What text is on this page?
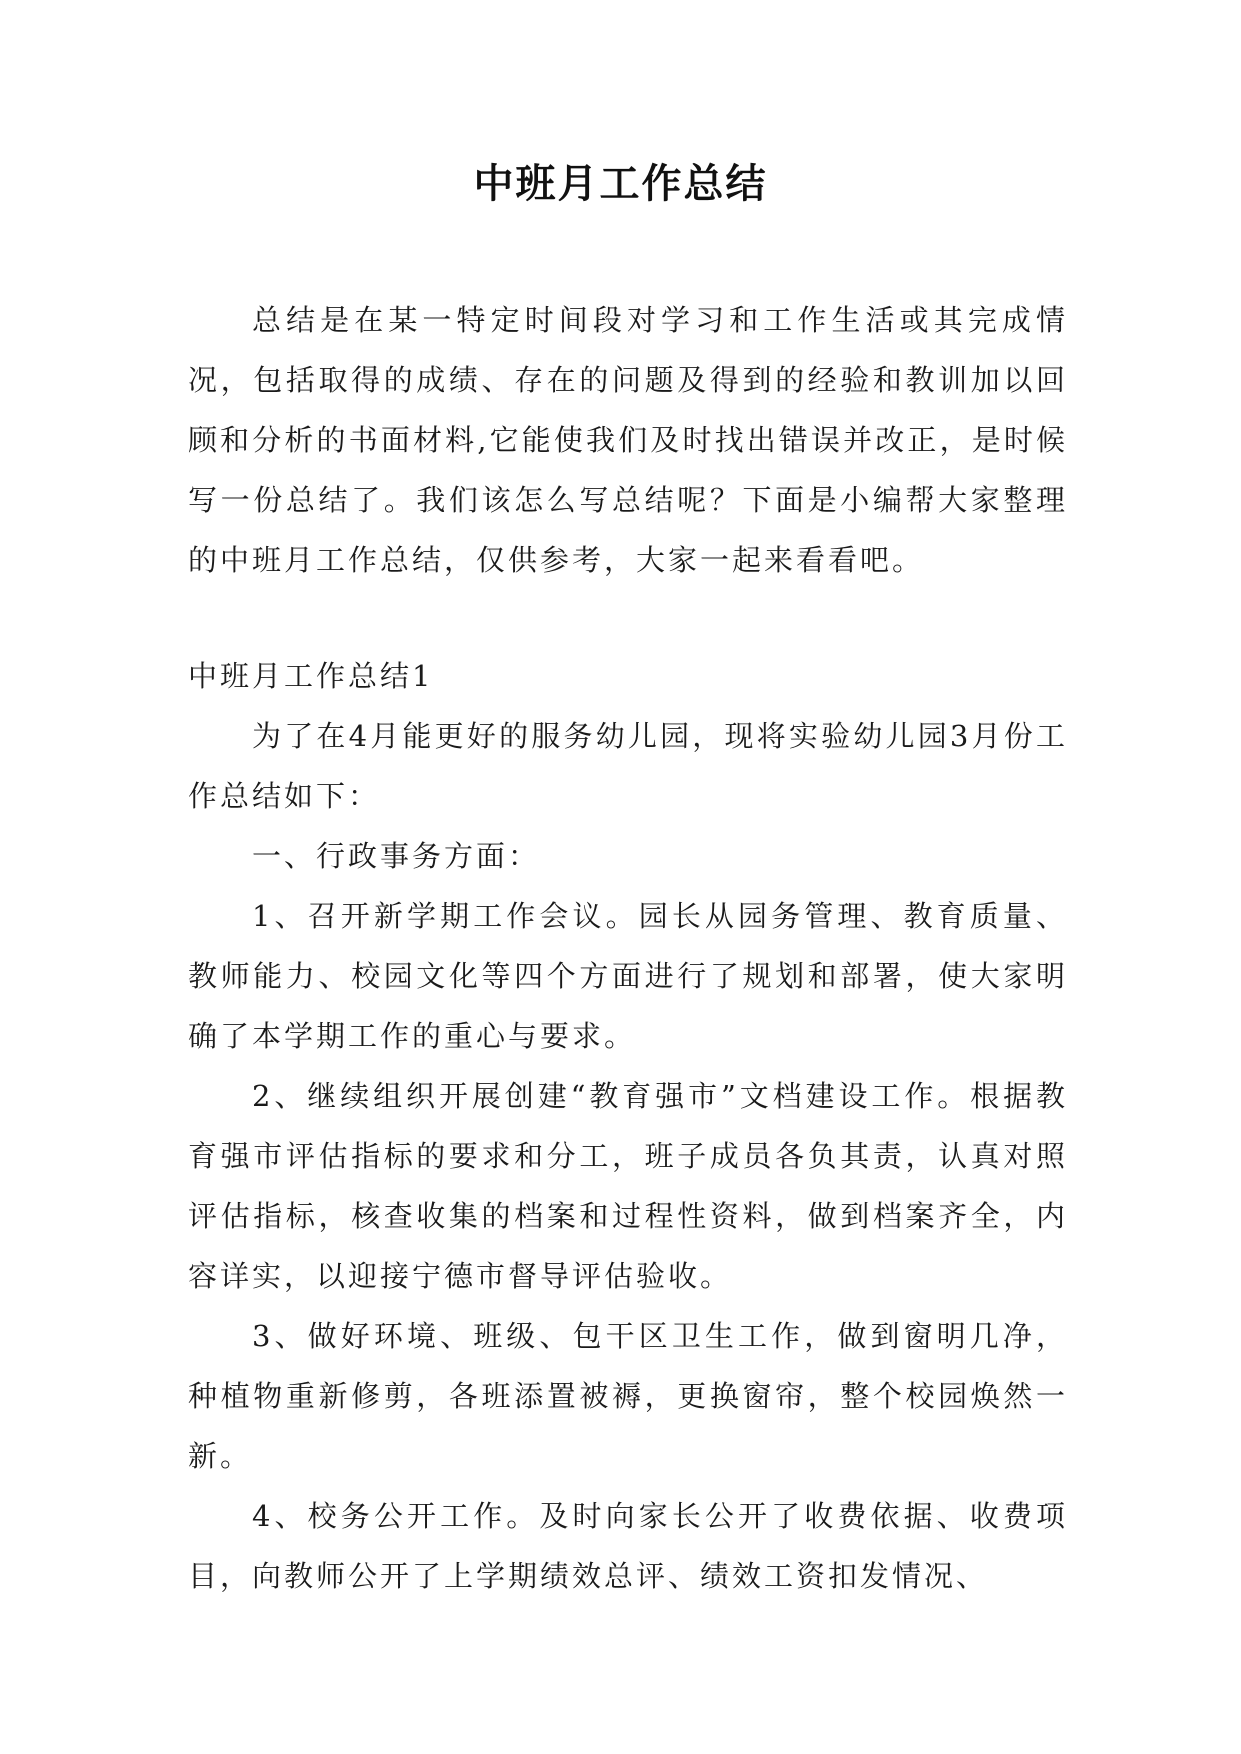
中班月工作总结

总结是在某一特定时间段对学习和工作生活或其完成情况，包括取得的成绩、存在的问题及得到的经验和教训加以回顾和分析的书面材料,它能使我们及时找出错误并改正，是时候写一份总结了。我们该怎么写总结呢？下面是小编帮大家整理的中班月工作总结，仅供参考，大家一起来看看吧。

中班月工作总结1

为了在4月能更好的服务幼儿园，现将实验幼儿园3月份工作总结如下：

一、行政事务方面：

1、召开新学期工作会议。园长从园务管理、教育质量、教师能力、校园文化等四个方面进行了规划和部署，使大家明确了本学期工作的重心与要求。

2、继续组织开展创建“教育强市”文档建设工作。根据教育强市评估指标的要求和分工，班子成员各负其责，认真对照评估指标，核查收集的档案和过程性资料，做到档案齐全，内容详实，以迎接宁德市督导评估验收。

3、做好环境、班级、包干区卫生工作，做到窗明几净，种植物重新修剪，各班添置被褥，更换窗帘，整个校园焕然一新。

4、校务公开工作。及时向家长公开了收费依据、收费项目，向教师公开了上学期绩效总评、绩效工资扣发情况、
